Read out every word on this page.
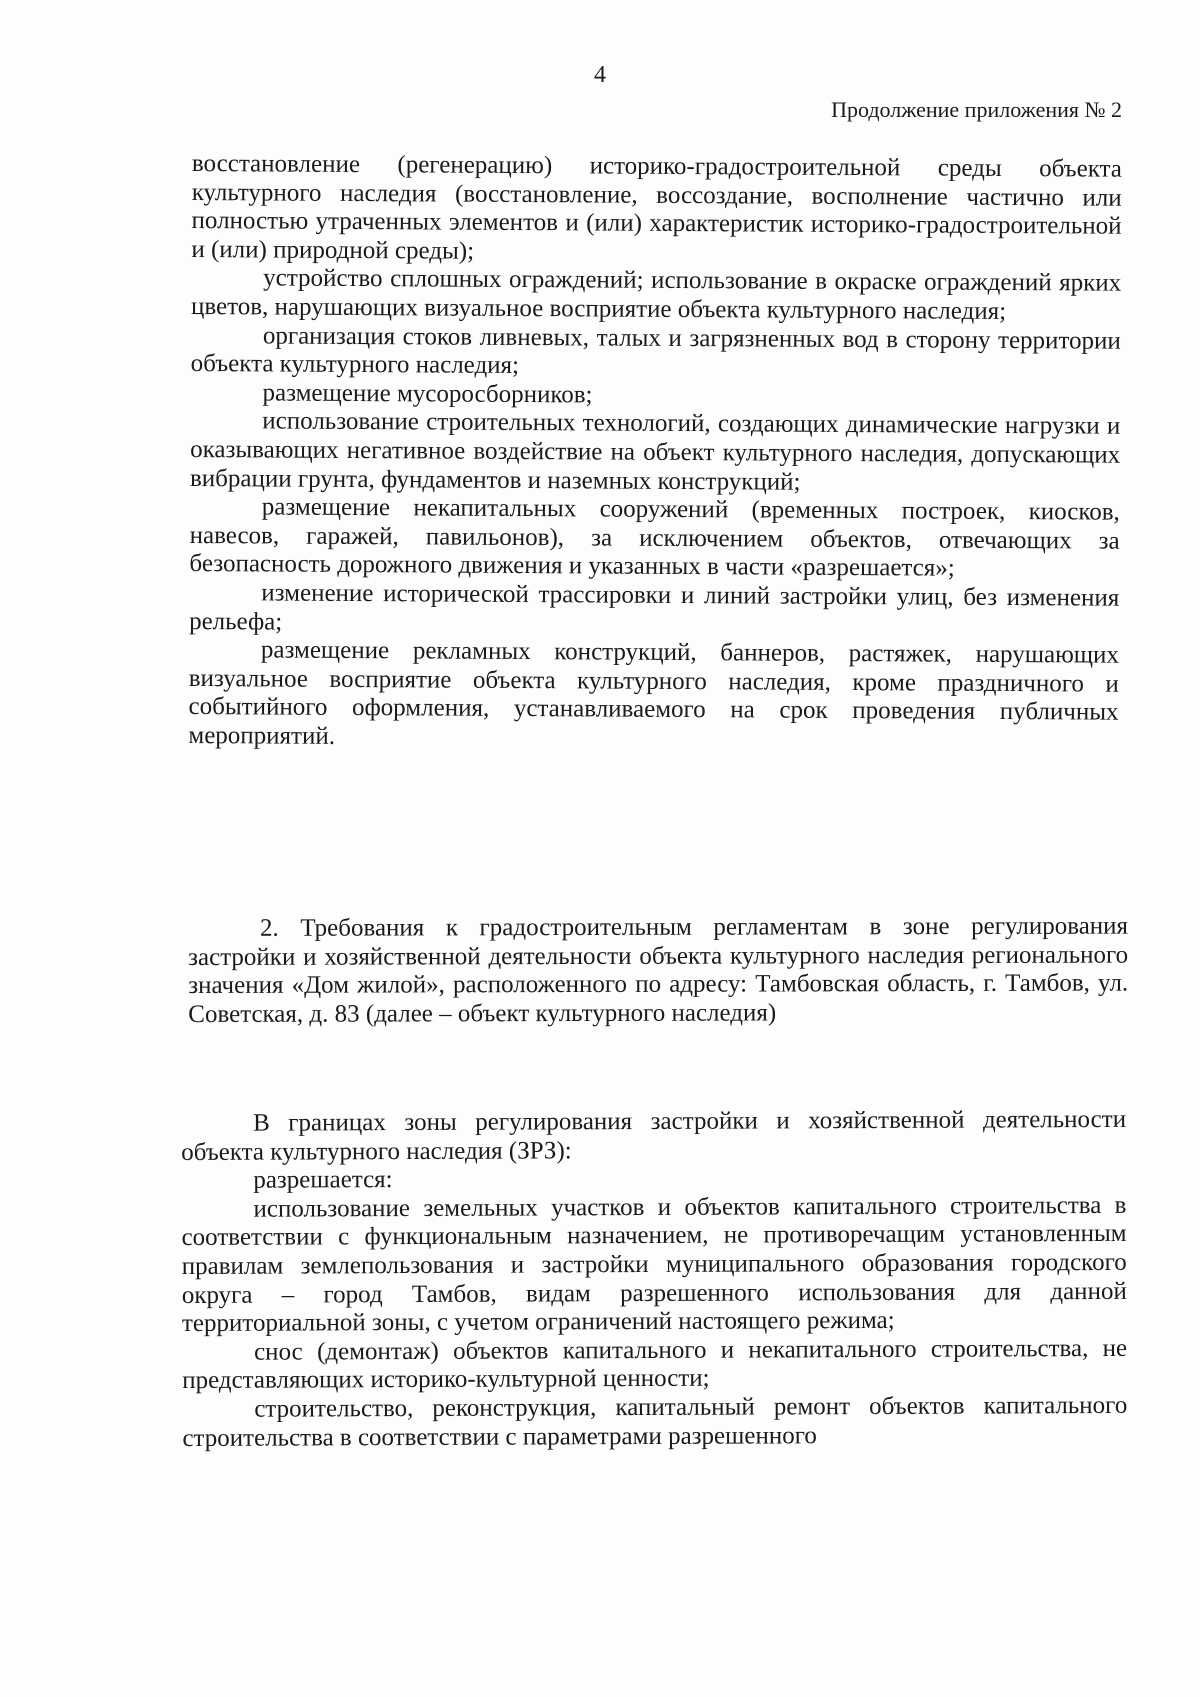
4
Продолжение приложения № 2

восстановление (регенерацию) историко-градостроительной среды объекта культурного наследия (восстановление, воссоздание, восполнение частично или полностью утраченных элементов и (или) характеристик историко-градостроительной и (или) природной среды);

устройство сплошных ограждений; использование в окраске ограждений ярких цветов, нарушающих визуальное восприятие объекта культурного наследия;

организация стоков ливневых, талых и загрязненных вод в сторону территории объекта культурного наследия;

размещение мусоросборников;

использование строительных технологий, создающих динамические нагрузки и оказывающих негативное воздействие на объект культурного наследия, допускающих вибрации грунта, фундаментов и наземных конструкций;

размещение некапитальных сооружений (временных построек, киосков, навесов, гаражей, павильонов), за исключением объектов, отвечающих за безопасность дорожного движения и указанных в части «разрешается»;

изменение исторической трассировки и линий застройки улиц, без изменения рельефа;

размещение рекламных конструкций, баннеров, растяжек, нарушающих визуальное восприятие объекта культурного наследия, кроме праздничного и событийного оформления, устанавливаемого на срок проведения публичных мероприятий.

2. Требования к градостроительным регламентам в зоне регулирования застройки и хозяйственной деятельности объекта культурного наследия регионального значения «Дом жилой», расположенного по адресу: Тамбовская область, г. Тамбов, ул. Советская, д. 83 (далее – объект культурного наследия)

В границах зоны регулирования застройки и хозяйственной деятельности объекта культурного наследия (ЗРЗ):

разрешается:

использование земельных участков и объектов капитального строительства в соответствии с функциональным назначением, не противоречащим установленным правилам землепользования и застройки муниципального образования городского округа – город Тамбов, видам разрешенного использования для данной территориальной зоны, с учетом ограничений настоящего режима;

снос (демонтаж) объектов капитального и некапитального строительства, не представляющих историко-культурной ценности;

строительство, реконструкция, капитальный ремонт объектов капитального строительства в соответствии с параметрами разрешенного
